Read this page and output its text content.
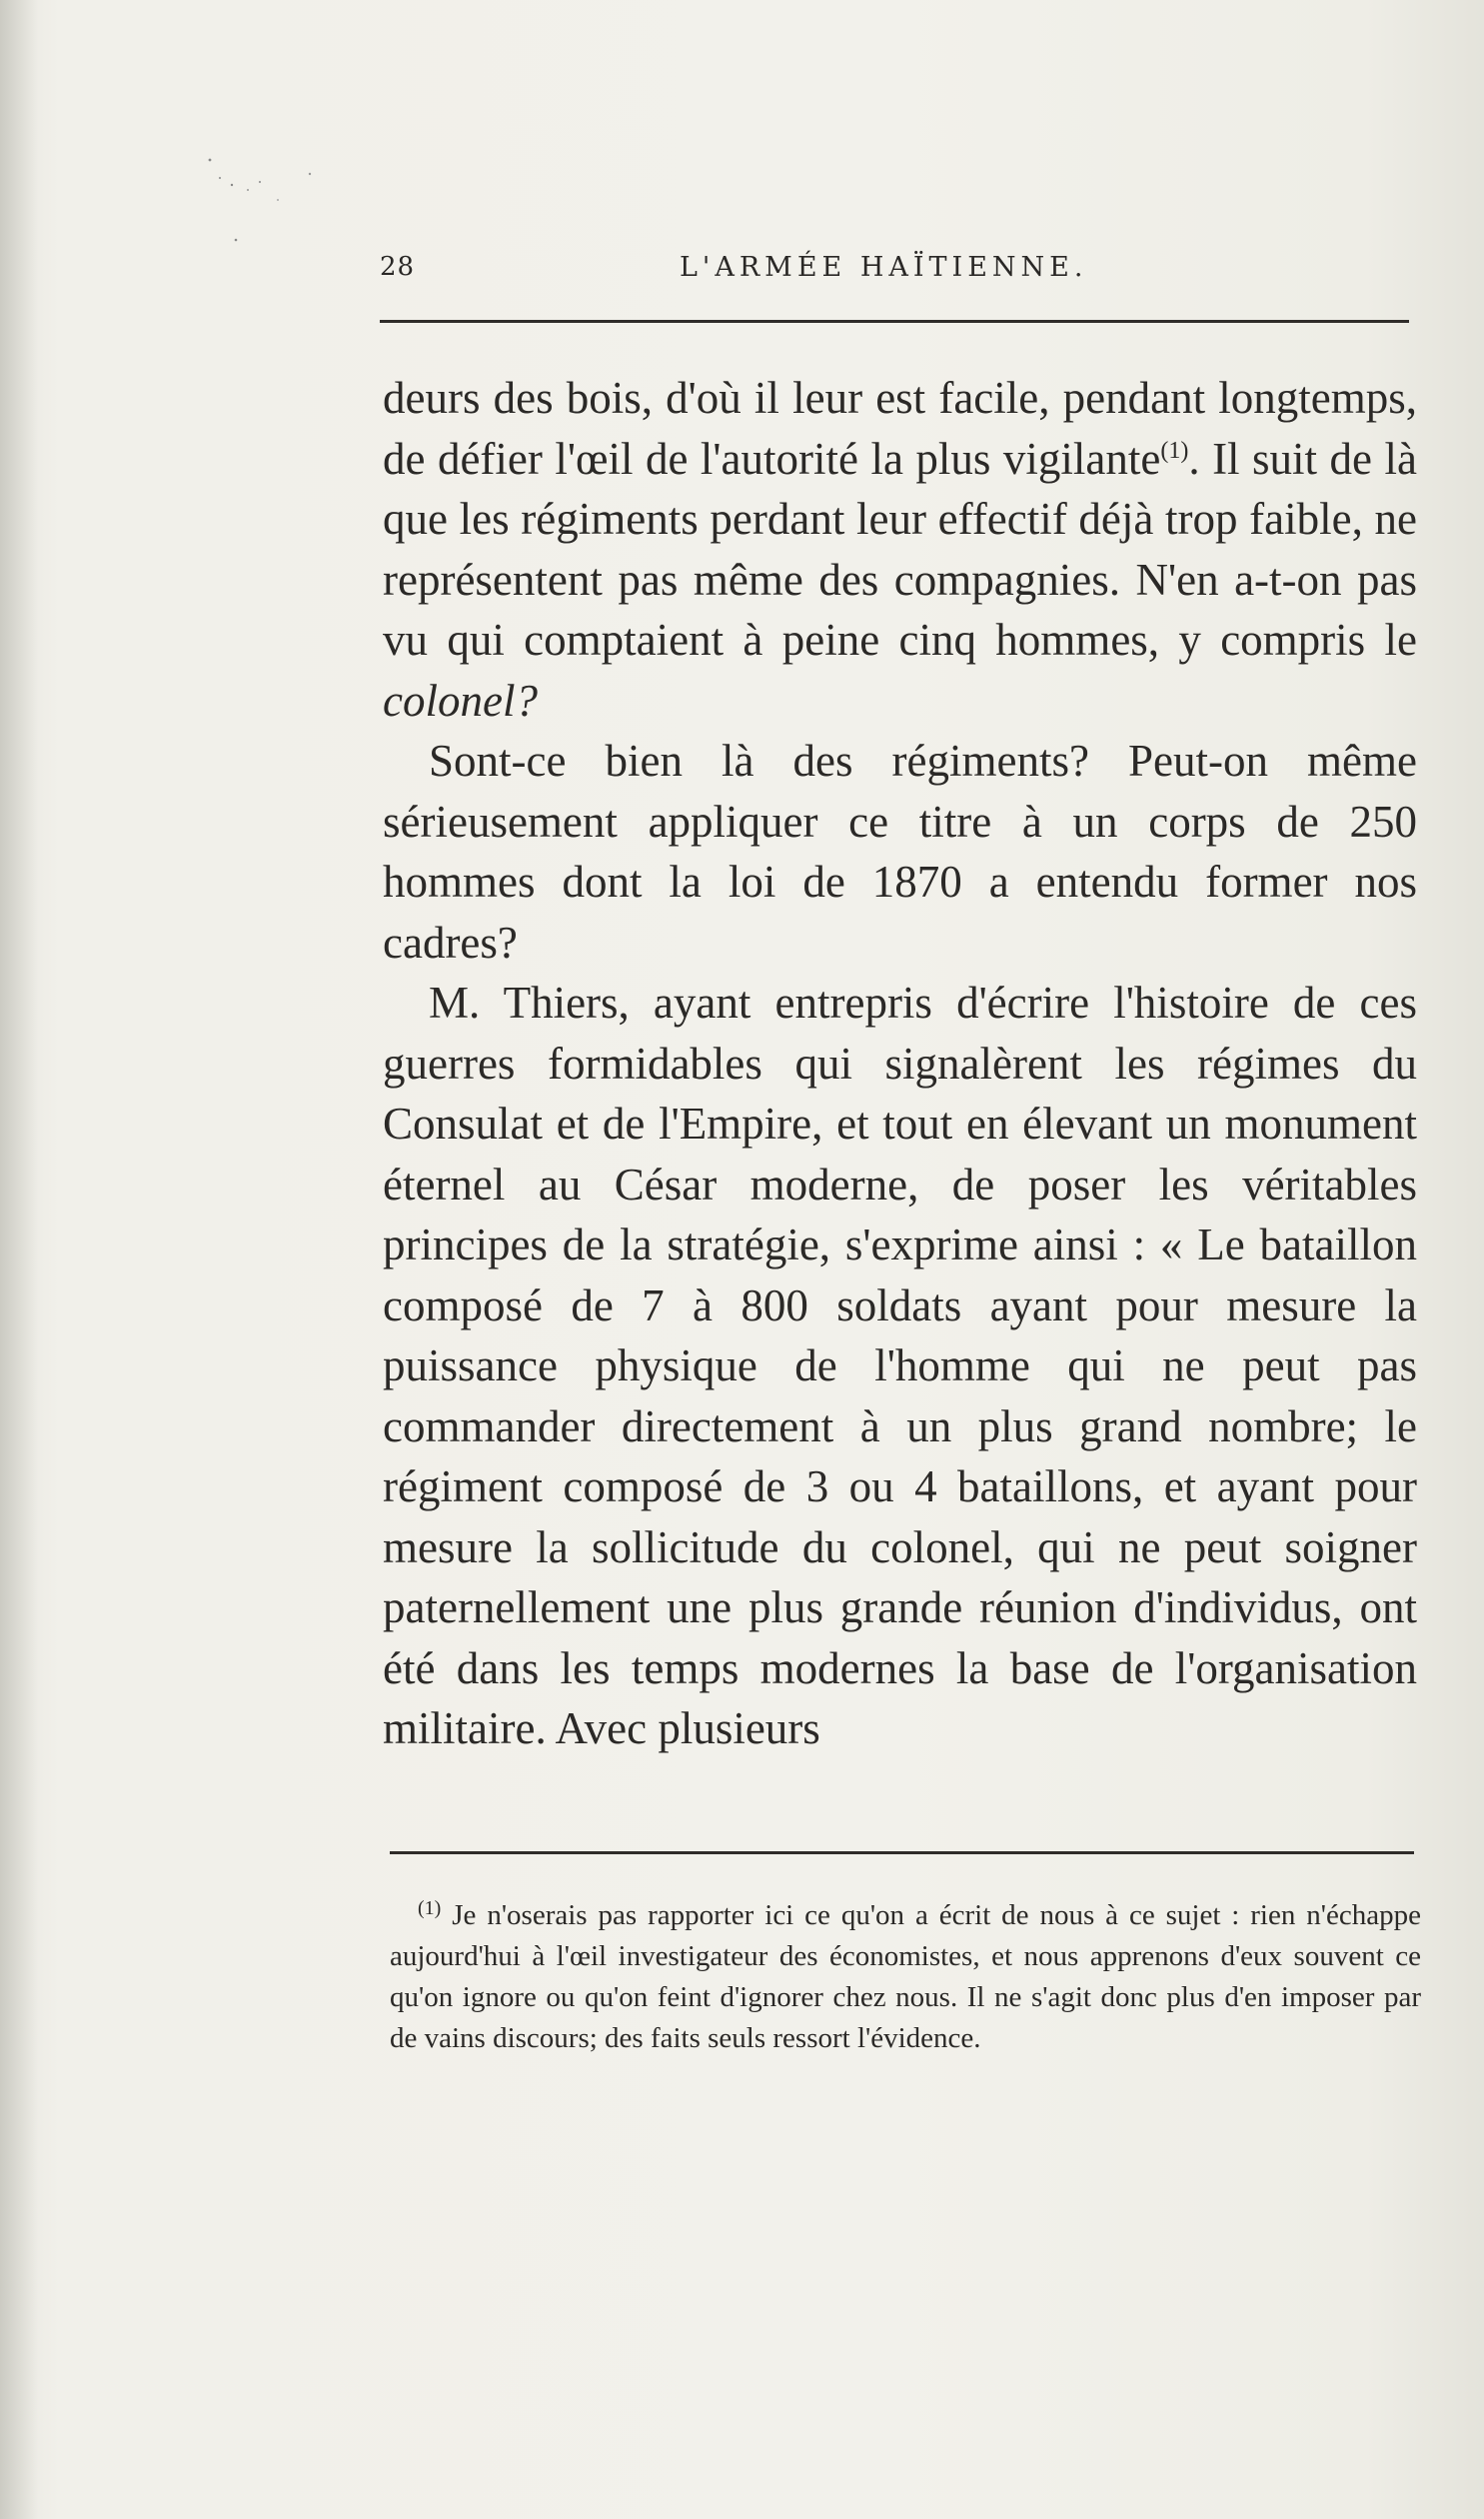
28	L'ARMÉE HAÏTIENNE.

deurs des bois, d'où il leur est facile, pendant longtemps, de défier l'œil de l'autorité la plus vigilante$^{(1)}$. Il suit de là que les régiments perdant leur effectif déjà trop faible, ne représentent pas même des compagnies. N'en a-t-on pas vu qui comptaient à peine cinq hommes, y compris le colonel?

Sont-ce bien là des régiments? Peut-on même sérieusement appliquer ce titre à un corps de 250 hommes dont la loi de 1870 a entendu former nos cadres?

M. Thiers, ayant entrepris d'écrire l'histoire de ces guerres formidables qui signalèrent les régimes du Consulat et de l'Empire, et tout en élevant un monument éternel au César moderne, de poser les véritables principes de la stratégie, s'exprime ainsi : « Le bataillon composé de 7 à 800 soldats ayant pour mesure la puissance physique de l'homme qui ne peut pas commander directement à un plus grand nombre; le régiment composé de 3 ou 4 bataillons, et ayant pour mesure la sollicitude du colonel, qui ne peut soigner paternellement une plus grande réunion d'individus, ont été dans les temps modernes la base de l'organisation militaire. Avec plusieurs

$^{(1)}$ Je n'oserais pas rapporter ici ce qu'on a écrit de nous à ce sujet : rien n'échappe aujourd'hui à l'œil investigateur des économistes, et nous apprenons d'eux souvent ce qu'on ignore ou qu'on feint d'ignorer chez nous. Il ne s'agit donc plus d'en imposer par de vains discours; des faits seuls ressort l'évidence.
